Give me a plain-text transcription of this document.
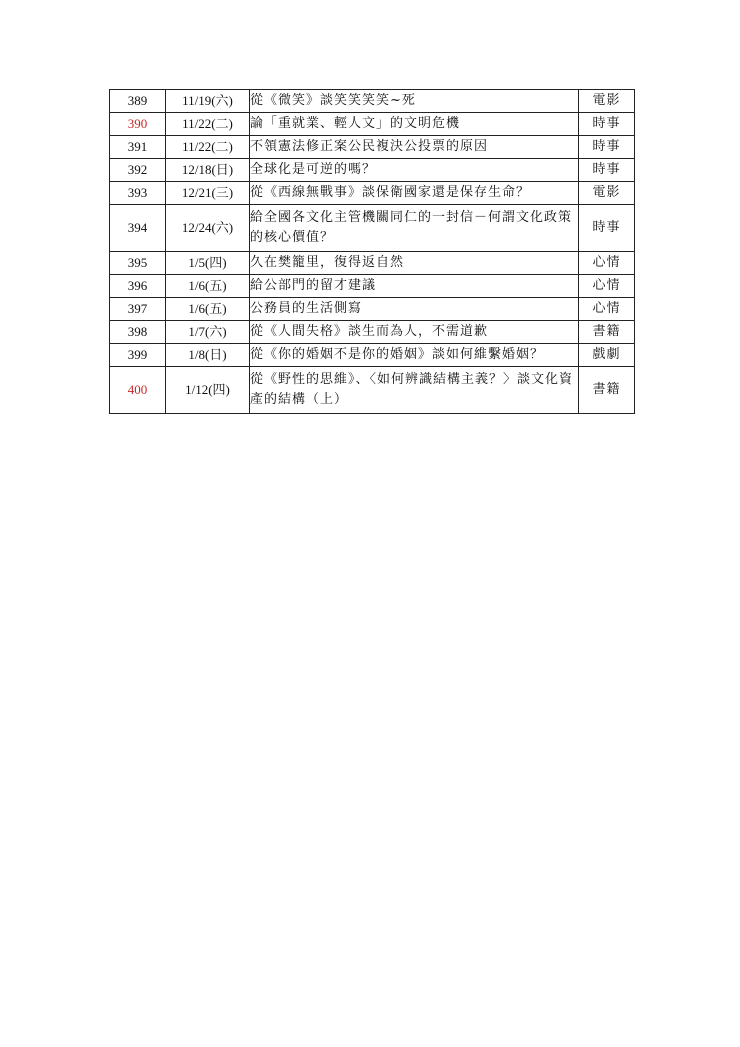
389	11/19(六)	從《微笑》談笑笑笑笑~死	電影
390	11/22(二)	論「重就業、輕人文」的文明危機	時事
391	11/22(二)	不領憲法修正案公民複決公投票的原因	時事
392	12/18(日)	全球化是可逆的嗎？	時事
393	12/21(三)	從《西線無戰事》談保衛國家還是保存生命？	電影
394	12/24(六)	給全國各文化主管機關同仁的一封信－何謂文化政策的核心價值？	時事
395	1/5(四)	久在樊籠里，復得返自然	心情
396	1/6(五)	給公部門的留才建議	心情
397	1/6(五)	公務員的生活側寫	心情
398	1/7(六)	從《人間失格》談生而為人，不需道歉	書籍
399	1/8(日)	從《你的婚姻不是你的婚姻》談如何維繫婚姻？	戲劇
400	1/12(四)	從《野性的思維》、〈如何辨識結構主義？〉談文化資產的結構（上）	書籍
